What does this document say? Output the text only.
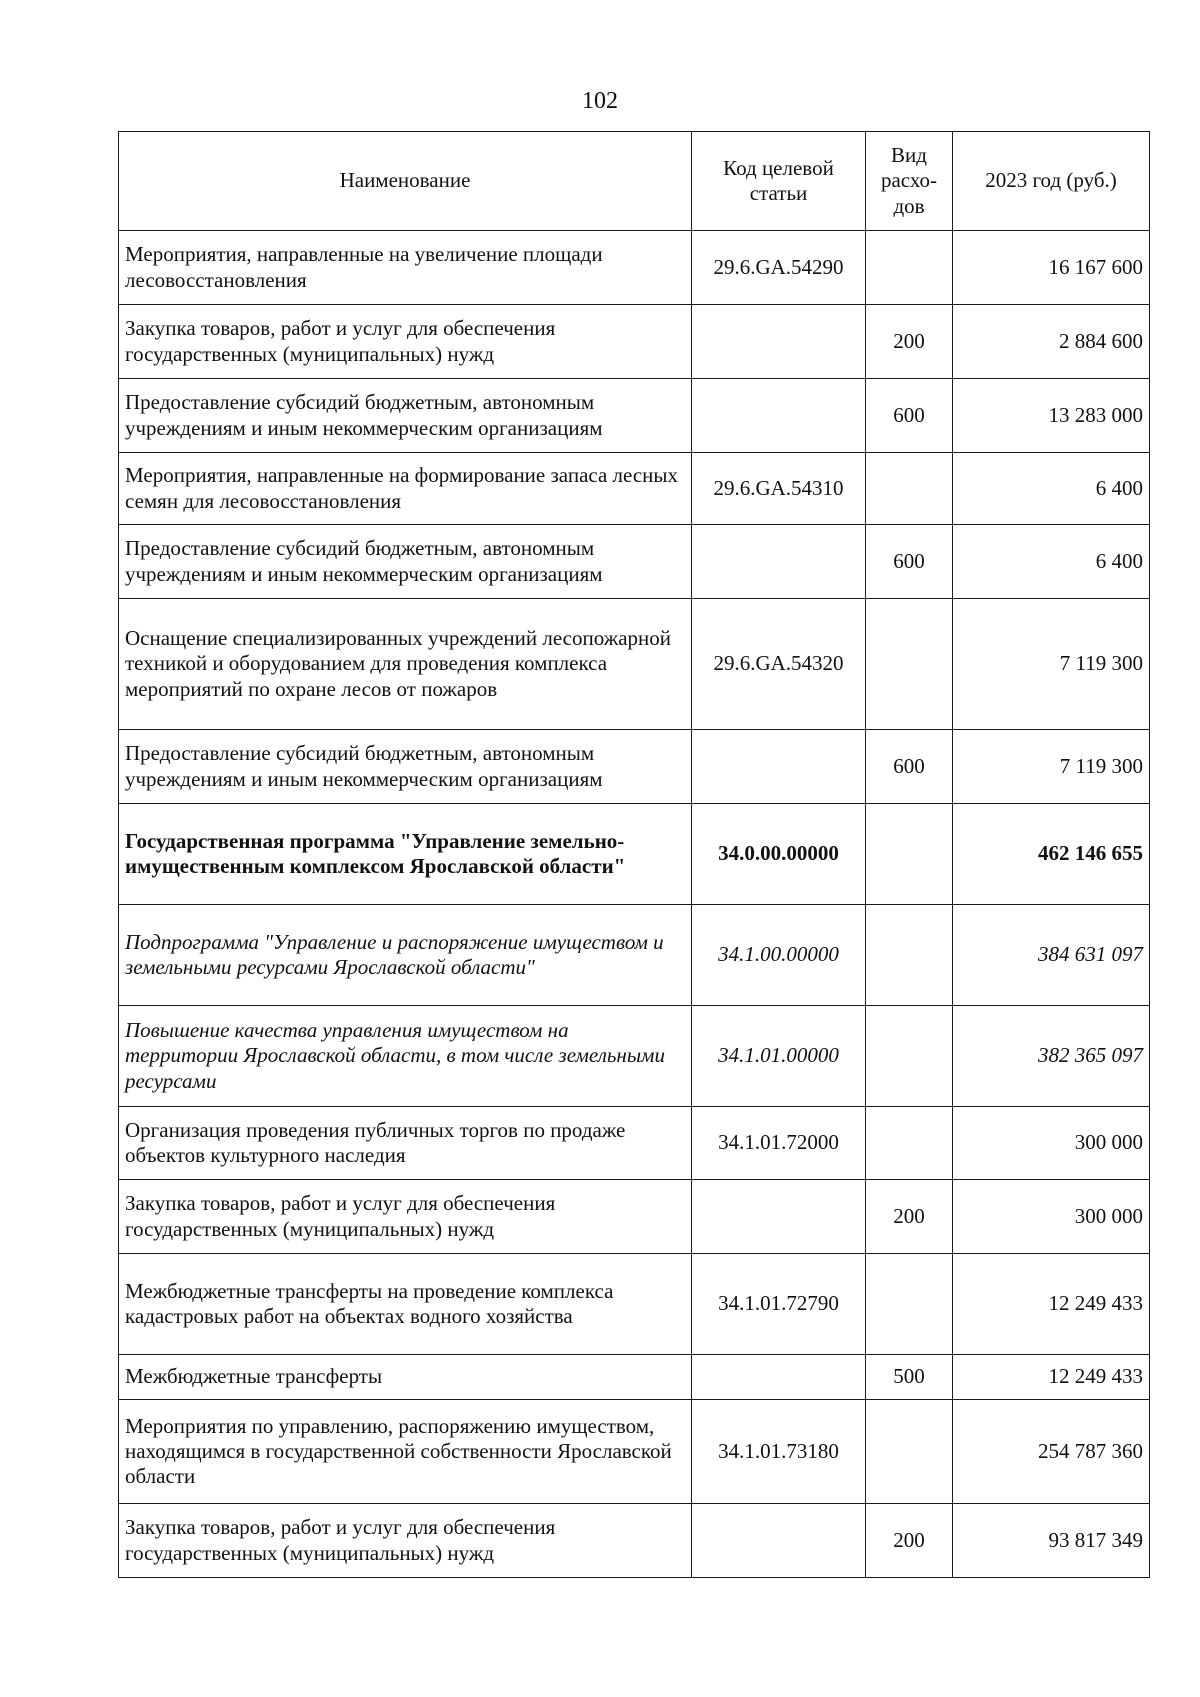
102
Наименование	Код целевой статьи	Вид расхо-дов	2023 год (руб.)
Мероприятия, направленные на увеличение площади лесовосстановления	29.6.GA.54290		16 167 600
Закупка товаров, работ и услуг для обеспечения государственных (муниципальных) нужд		200	2 884 600
Предоставление субсидий бюджетным, автономным учреждениям и иным некоммерческим организациям		600	13 283 000
Мероприятия, направленные на формирование запаса лесных семян для лесовосстановления	29.6.GA.54310		6 400
Предоставление субсидий бюджетным, автономным учреждениям и иным некоммерческим организациям		600	6 400
Оснащение специализированных учреждений лесопожарной техникой и оборудованием для проведения комплекса мероприятий по охране лесов от пожаров	29.6.GA.54320		7 119 300
Предоставление субсидий бюджетным, автономным учреждениям и иным некоммерческим организациям		600	7 119 300
Государственная программа "Управление земельно-имущественным комплексом Ярославской области"	34.0.00.00000		462 146 655
Подпрограмма "Управление и распоряжение имуществом и земельными ресурсами Ярославской области"	34.1.00.00000		384 631 097
Повышение качества управления имуществом на территории Ярославской области, в том числе земельными ресурсами	34.1.01.00000		382 365 097
Организация проведения публичных торгов по продаже объектов культурного наследия	34.1.01.72000		300 000
Закупка товаров, работ и услуг для обеспечения государственных (муниципальных) нужд		200	300 000
Межбюджетные трансферты на проведение комплекса кадастровых работ на объектах водного хозяйства	34.1.01.72790		12 249 433
Межбюджетные трансферты		500	12 249 433
Мероприятия по управлению, распоряжению имуществом, находящимся в государственной собственности Ярославской области	34.1.01.73180		254 787 360
Закупка товаров, работ и услуг для обеспечения государственных (муниципальных) нужд		200	93 817 349
